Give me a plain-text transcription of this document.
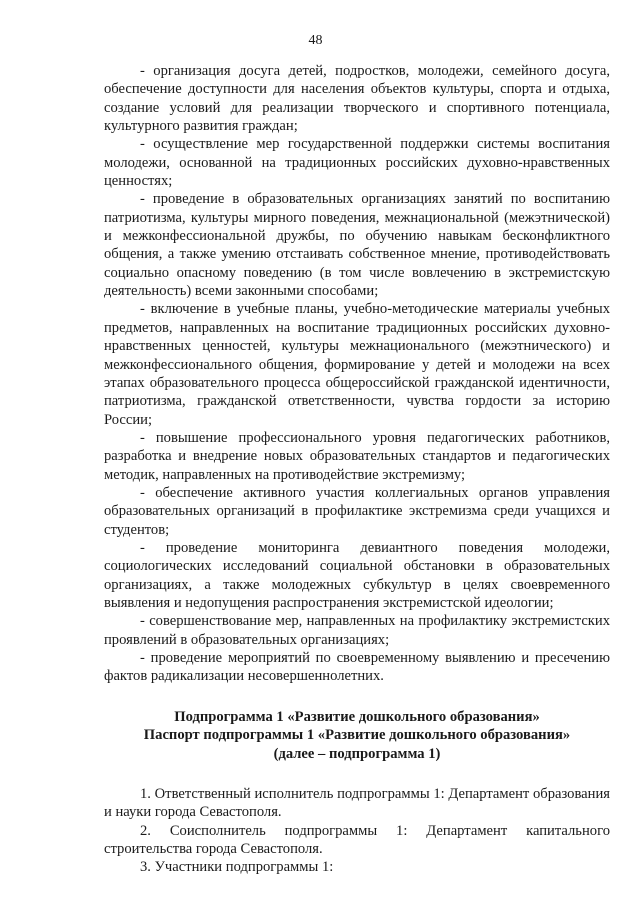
48

- организация досуга детей, подростков, молодежи, семейного досуга, обеспечение доступности для населения объектов культуры, спорта и отдыха, создание условий для реализации творческого и спортивного потенциала, культурного развития граждан;

- осуществление мер государственной поддержки системы воспитания молодежи, основанной на традиционных российских духовно-нравственных ценностях;

- проведение в образовательных организациях занятий по воспитанию патриотизма, культуры мирного поведения, межнациональной (межэтнической) и межконфессиональной дружбы, по обучению навыкам бесконфликтного общения, а также умению отстаивать собственное мнение, противодействовать социально опасному поведению (в том числе вовлечению в экстремистскую деятельность) всеми законными способами;

- включение в учебные планы, учебно-методические материалы учебных предметов, направленных на воспитание традиционных российских духовно-нравственных ценностей, культуры межнационального (межэтнического) и межконфессионального общения, формирование у детей и молодежи на всех этапах образовательного процесса общероссийской гражданской идентичности, патриотизма, гражданской ответственности, чувства гордости за историю России;

- повышение профессионального уровня педагогических работников, разработка и внедрение новых образовательных стандартов и педагогических методик, направленных на противодействие экстремизму;

- обеспечение активного участия коллегиальных органов управления образовательных организаций в профилактике экстремизма среди учащихся и студентов;

- проведение мониторинга девиантного поведения молодежи, социологических исследований социальной обстановки в образовательных организациях, а также молодежных субкультур в целях своевременного выявления и недопущения распространения экстремистской идеологии;

- совершенствование мер, направленных на профилактику экстремистских проявлений в образовательных организациях;

- проведение мероприятий по своевременному выявлению и пресечению фактов радикализации несовершеннолетних.

Подпрограмма 1 «Развитие дошкольного образования»

Паспорт подпрограммы 1 «Развитие дошкольного образования»

(далее – подпрограмма 1)

1. Ответственный исполнитель подпрограммы 1: Департамент образования и науки города Севастополя.

2. Соисполнитель подпрограммы 1: Департамент капитального строительства города Севастополя.

3. Участники подпрограммы 1:
